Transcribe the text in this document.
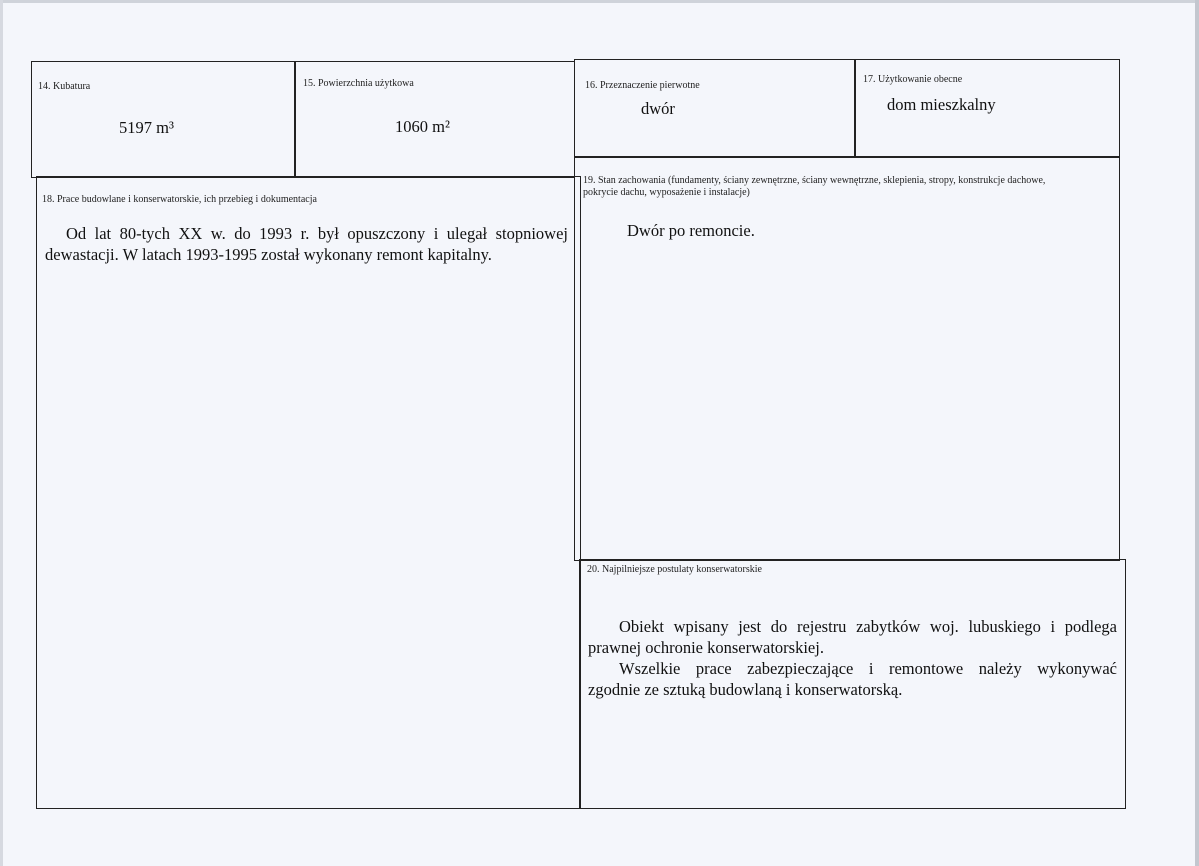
14. Kubatura
5197 m³
15. Powierzchnia użytkowa
1060 m²
18. Prace budowlane i konserwatorskie, ich przebieg i dokumentacja
Od lat 80-tych XX w. do 1993 r. był opuszczony i ulegał stopniowej
dewastacji. W latach 1993-1995 został wykonany remont kapitalny.
16. Przeznaczenie pierwotne
dwór
17. Użytkowanie obecne
dom mieszkalny
19. Stan zachowania (fundamenty, ściany zewnętrzne, ściany wewnętrzne, sklepienia, stropy, konstrukcje dachowe,
pokrycie dachu, wyposażenie i instalacje)
Dwór po remoncie.
20. Najpilniejsze postulaty konserwatorskie
Obiekt wpisany jest do rejestru zabytków woj. lubuskiego i podlega
prawnej ochronie konserwatorskiej.
Wszelkie prace zabezpieczające i remontowe należy wykonywać
zgodnie ze sztuką budowlaną i konserwatorską.
